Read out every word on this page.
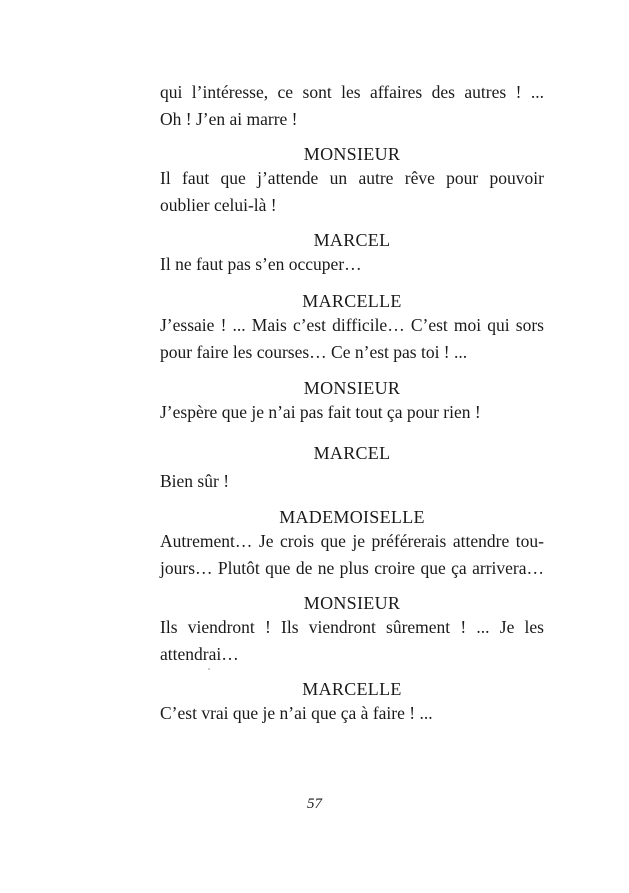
qui l’intéresse, ce sont les affaires des autres ! ...
Oh ! J’en ai marre !
MONSIEUR
Il faut que j’attende un autre rêve pour pouvoir
oublier celui-là !
MARCEL
Il ne faut pas s’en occuper…
MARCELLE
J’essaie ! ... Mais c’est difficile… C’est moi qui sors
pour faire les courses… Ce n’est pas toi ! ...
MONSIEUR
J’espère que je n’ai pas fait tout ça pour rien !
MARCEL
Bien sûr !
MADEMOISELLE
Autrement… Je crois que je préférerais attendre tou-
jours… Plutôt que de ne plus croire que ça arrivera…
MONSIEUR
Ils viendront ! Ils viendront sûrement ! ... Je les
attendrai…
MARCELLE
C’est vrai que je n’ai que ça à faire ! ...
57
